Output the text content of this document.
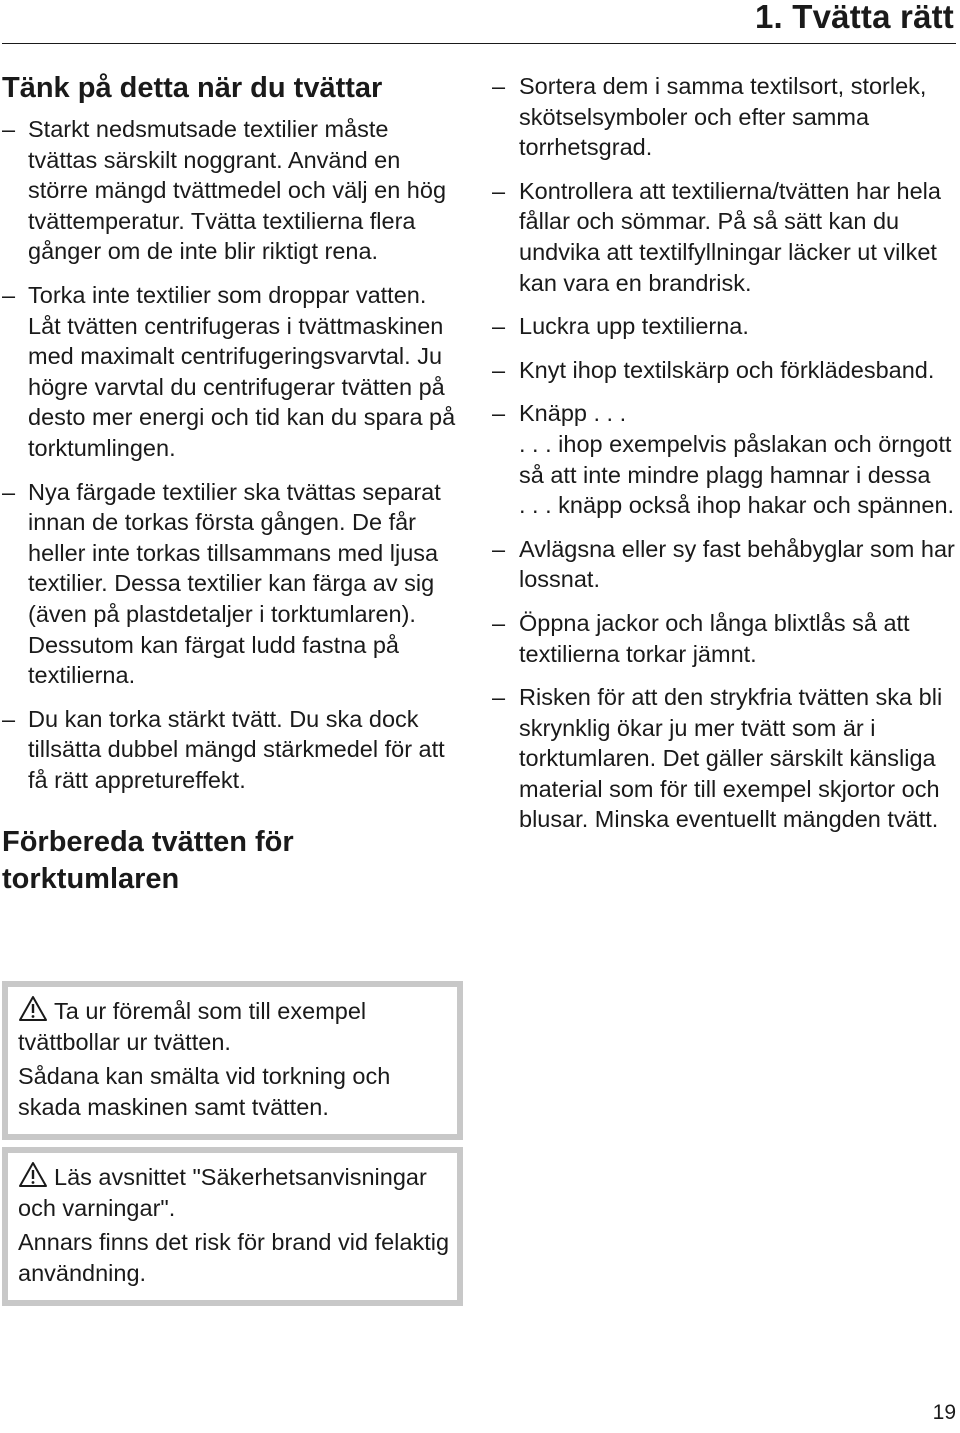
1. Tvätta rätt
Tänk på detta när du tvättar
– Starkt nedsmutsade textilier måste tvättas särskilt noggrant. Använd en större mängd tvättmedel och välj en hög tvättemperatur. Tvätta textilierna flera gånger om de inte blir riktigt rena.

– Torka inte textilier som droppar vatten. Låt tvätten centrifugeras i tvättmaskinen med maximalt centrifugeringsvarvtal. Ju högre varvtal du centrifugerar tvätten på desto mer energi och tid kan du spara på torktumlingen.

– Nya färgade textilier ska tvättas separat innan de torkas första gången. De får heller inte torkas tillsammans med ljusa textilier. Dessa textilier kan färga av sig (även på plastdetaljer i torktumlaren). Dessutom kan färgat ludd fastna på textilierna.

– Du kan torka stärkt tvätt. Du ska dock tillsätta dubbel mängd stärkmedel för att få rätt appretureffekt.

Förbereda tvätten för torktumlaren

Ta ur föremål som till exempel tvättbollar ur tvätten.

Sådana kan smälta vid torkning och skada maskinen samt tvätten.

Läs avsnittet "Säkerhetsanvisningar och varningar".

Annars finns det risk för brand vid felaktig användning.

– Sortera dem i samma textilsort, storlek, skötselsymboler och efter samma torrhetsgrad.

– Kontrollera att textilierna/tvätten har hela fållar och sömmar. På så sätt kan du undvika att textilfyllningar läcker ut vilket kan vara en brandrisk.

– Luckra upp textilierna.

– Knyt ihop textilskärp och förklädesband.

– Knäpp . . .

. . . ihop exempelvis påslakan och örngott så att inte mindre plagg hamnar i dessa

. . . knäpp också ihop hakar och spännen.

– Avlägsna eller sy fast behåbyglar som har lossnat.

– Öppna jackor och långa blixtlås så att textilierna torkar jämnt.

– Risken för att den strykfria tvätten ska bli skrynklig ökar ju mer tvätt som är i torktumlaren. Det gäller särskilt känsliga material som för till exempel skjortor och blusar. Minska eventuellt mängden tvätt.

19
